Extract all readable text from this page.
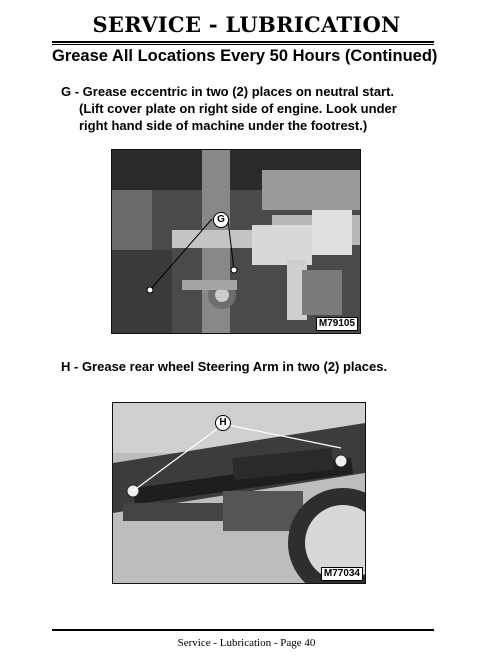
SERVICE - LUBRICATION
Grease All Locations Every 50 Hours (Continued)
G - Grease eccentric in two (2) places on neutral start.
(Lift cover plate on right side of engine. Look under
right hand side of machine under the footrest.)
G
M79105
H - Grease rear wheel Steering Arm in two (2) places.
H
M77034
Service - Lubrication - Page 40
